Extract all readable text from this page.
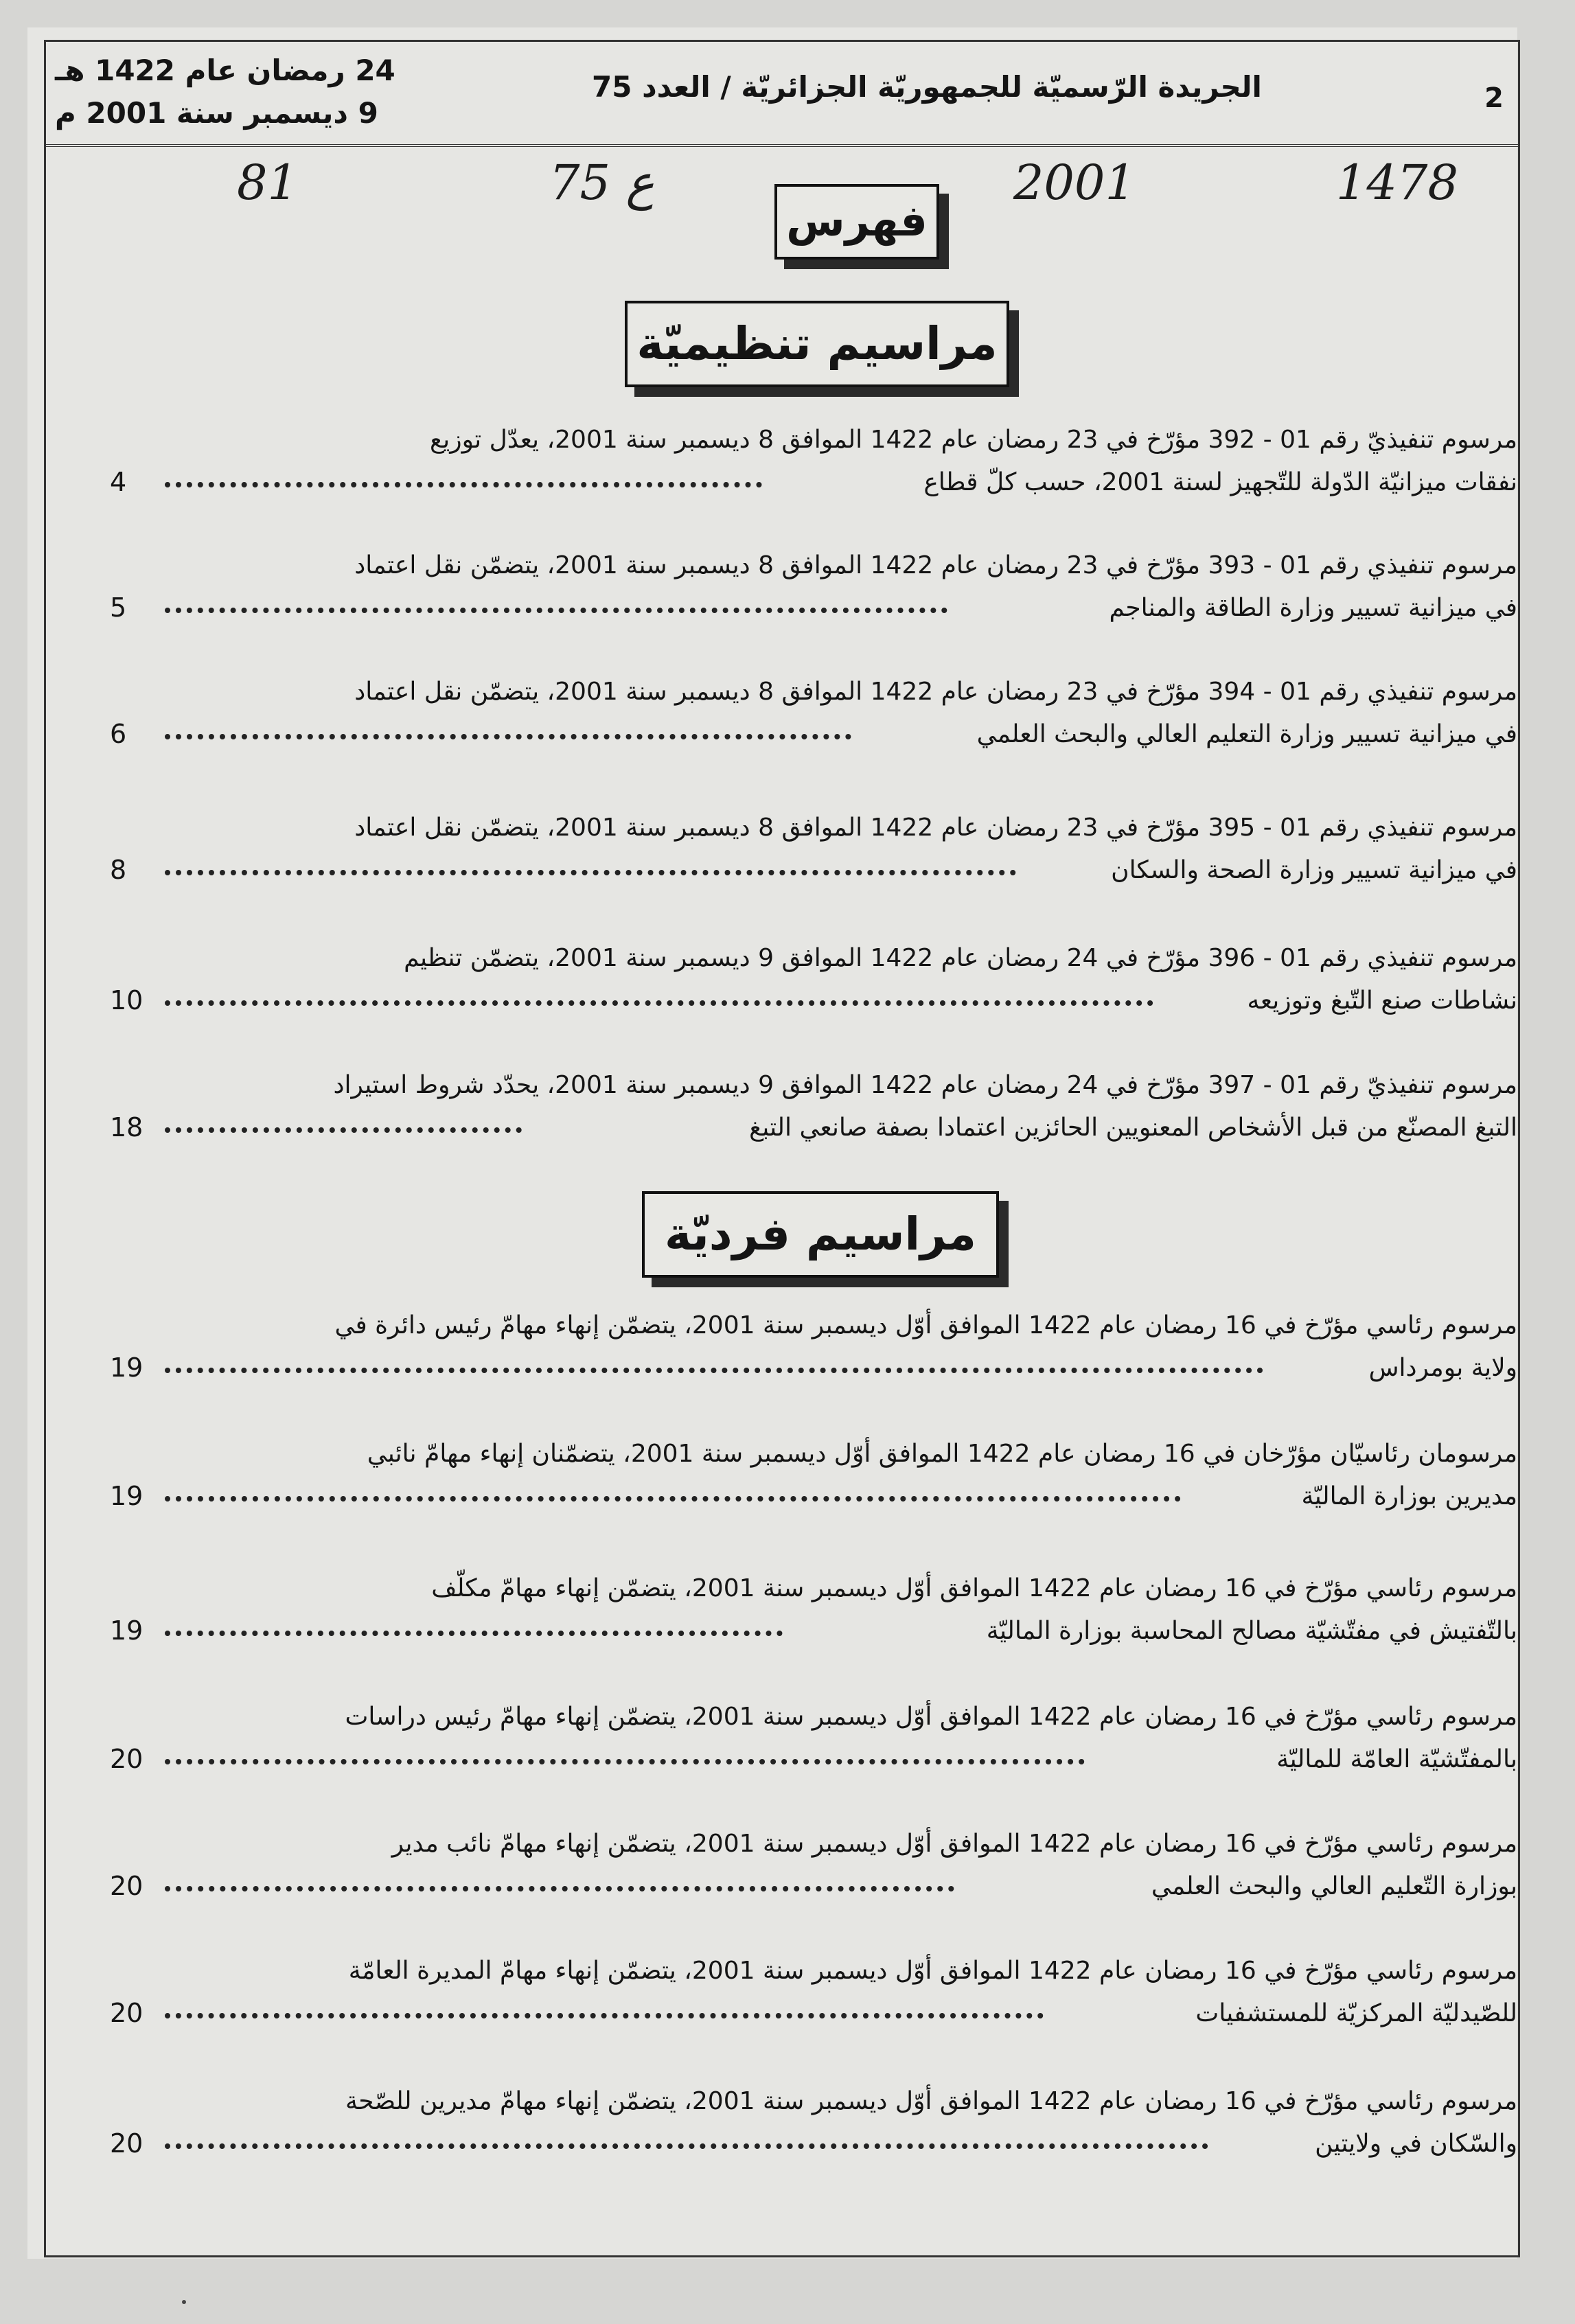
2
الجريدة الرّسميّة للجمهوريّة الجزائريّة / العدد 75
24 رمضان عام 1422 هـ
9 ديسمبر سنة 2001 م
1478
2001
75 ع
81
فهرس
مراسيم تنظيميّة
مراسيم فرديّة
مرسوم تنفيذيّ رقم 01 - 392 مؤرّخ في 23 رمضان عام 1422 الموافق 8 ديسمبر سنة 2001، يعدّل توزيع
نفقات ميزانيّة الدّولة للتّجهيز لسنة 2001، حسب كلّ قطاع
4
مرسوم تنفيذي رقم 01 - 393 مؤرّخ في 23 رمضان عام 1422 الموافق 8 ديسمبر سنة 2001، يتضمّن نقل اعتماد
في ميزانية تسيير وزارة الطاقة والمناجم
5
مرسوم تنفيذي رقم 01 - 394 مؤرّخ في 23 رمضان عام 1422 الموافق 8 ديسمبر سنة 2001، يتضمّن نقل اعتماد
في ميزانية تسيير وزارة التعليم العالي والبحث العلمي
6
مرسوم تنفيذي رقم 01 - 395 مؤرّخ في 23 رمضان عام 1422 الموافق 8 ديسمبر سنة 2001، يتضمّن نقل اعتماد
في ميزانية تسيير وزارة الصحة والسكان
8
مرسوم تنفيذي رقم 01 - 396 مؤرّخ في 24 رمضان عام 1422 الموافق 9 ديسمبر سنة 2001، يتضمّن تنظيم
نشاطات صنع التّبغ وتوزيعه
10
مرسوم تنفيذيّ رقم 01 - 397 مؤرّخ في 24 رمضان عام 1422 الموافق 9 ديسمبر سنة 2001، يحدّد شروط استيراد
التبغ المصنّع من قبل الأشخاص المعنويين الحائزين اعتمادا بصفة صانعي التبغ
18
مرسوم رئاسي مؤرّخ في 16 رمضان عام 1422 الموافق أوّل ديسمبر سنة 2001، يتضمّن إنهاء مهامّ رئيس دائرة في
ولاية بومرداس
19
مرسومان رئاسيّان مؤرّخان في 16 رمضان عام 1422 الموافق أوّل ديسمبر سنة 2001، يتضمّنان إنهاء مهامّ نائبي
مديرين بوزارة الماليّة
19
مرسوم رئاسي مؤرّخ في 16 رمضان عام 1422 الموافق أوّل ديسمبر سنة 2001، يتضمّن إنهاء مهامّ مكلّف
بالتّفتيش في مفتّشيّة مصالح المحاسبة بوزارة الماليّة
19
مرسوم رئاسي مؤرّخ في 16 رمضان عام 1422 الموافق أوّل ديسمبر سنة 2001، يتضمّن إنهاء مهامّ رئيس دراسات
بالمفتّشيّة العامّة للماليّة
20
مرسوم رئاسي مؤرّخ في 16 رمضان عام 1422 الموافق أوّل ديسمبر سنة 2001، يتضمّن إنهاء مهامّ نائب مدير
بوزارة التّعليم العالي والبحث العلمي
20
مرسوم رئاسي مؤرّخ في 16 رمضان عام 1422 الموافق أوّل ديسمبر سنة 2001، يتضمّن إنهاء مهامّ المديرة العامّة
للصّيدليّة المركزيّة للمستشفيات
20
مرسوم رئاسي مؤرّخ في 16 رمضان عام 1422 الموافق أوّل ديسمبر سنة 2001، يتضمّن إنهاء مهامّ مديرين للصّحة
والسّكان في ولايتين
20
